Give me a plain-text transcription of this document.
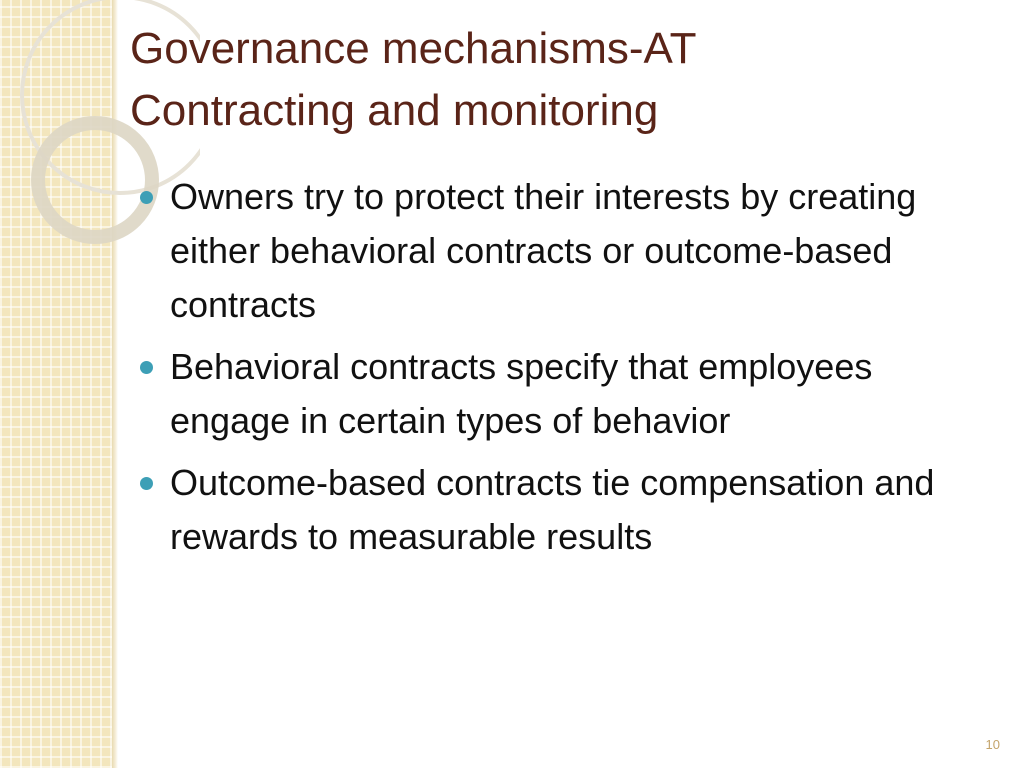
Governance mechanisms-AT
Contracting and monitoring
Owners try to protect their interests by creating either behavioral contracts or outcome-based contracts
Behavioral contracts specify that employees engage in certain types of behavior
Outcome-based contracts tie compensation and rewards to measurable results
10
